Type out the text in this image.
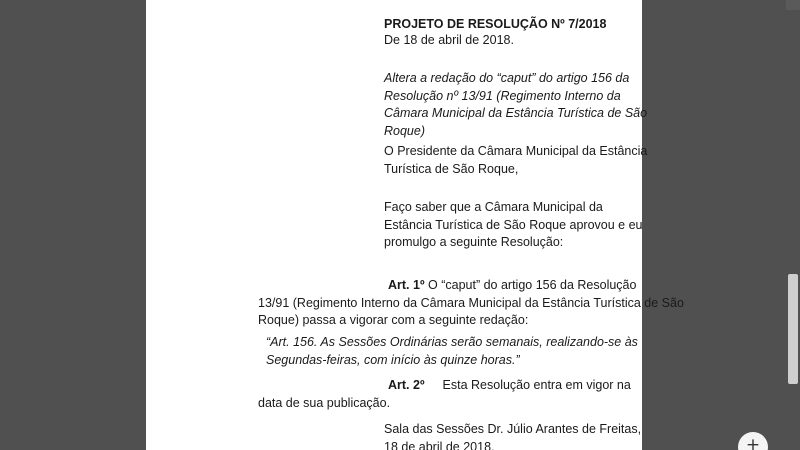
PROJETO DE RESOLUÇÃO Nº 7/2018

De 18 de abril de 2018.

Altera a redação do “caput” do artigo 156 da
Resolução nº 13/91 (Regimento Interno da
Câmara Municipal da Estância Turística de São
Roque)
O Presidente da Câmara Municipal da Estância
Turística de São Roque,
Faço saber que a Câmara Municipal da
Estância Turística de São Roque aprovou e eu
promulgo a seguinte Resolução:
Art. 1º O “caput” do artigo 156 da Resolução
13/91 (Regimento Interno da Câmara Municipal da Estância Turística de São
Roque) passa a vigorar com a seguinte redação:
“Art. 156. As Sessões Ordinárias serão semanais, realizando-se às
Segundas-feiras, com início às quinze horas.”
Art. 2º Esta Resolução entra em vigor na
data de sua publicação.
Sala das Sessões Dr. Júlio Arantes de Freitas,
18 de abril de 2018.	+
